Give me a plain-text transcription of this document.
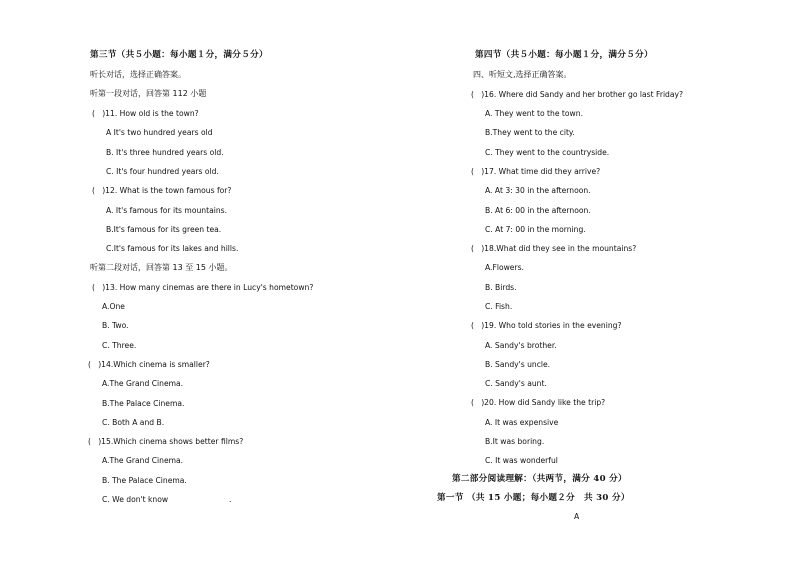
第三节（共５小题：每小题１分，满分５分）
听长对话，选择正确答案。
听第一段对话，回答第 112 小题
(   )11. How old is the town?
A It's two hundred years old
B. It's three hundred years old.
C. It's four hundred years old.
(   )12. What is the town famous for?
A. It's famous for its mountains.
B.It's famous for its green tea.
C.It's famous for its lakes and hills.
听第二段对话，回答第 13 至 15 小题。
(   )13. How many cinemas are there in Lucy's hometown?
A.One
B. Two.
C. Three.
(   )14.Which cinema is smaller?
A.The Grand Cinema.
B.The Palace Cinema.
C. Both A and B.
(   )15.Which cinema shows better films?
A.The Grand Cinema.
B. The Palace Cinema.
C. We don't know	.
第四节（共５小题：每小题１分，满分５分）
四、听短文,选择正确答案。
(   )16. Where did Sandy and her brother go last Friday?
A. They went to the town.
B.They went to the city.
C. They went to the countryside.
(   )17. What time did they arrive?
A. At 3: 30 in the afternoon.
B. At 6: 00 in the afternoon.
C. At 7: 00 in the morning.
(   )18.What did they see in the mountains?
A.Flowers.
B. Birds.
C. Fish.
(   )19. Who told stories in the evening?
A. Sandy's brother.
B. Sandy's uncle.
C. Sandy's aunt.
(   )20. How did Sandy like the trip?
A. It was expensive
B.It was boring.
C. It was wonderful
第二部分阅读理解：（共两节，满分 40 分）
第一节 （共 15 小题；每小题２分　共 30 分）
A
